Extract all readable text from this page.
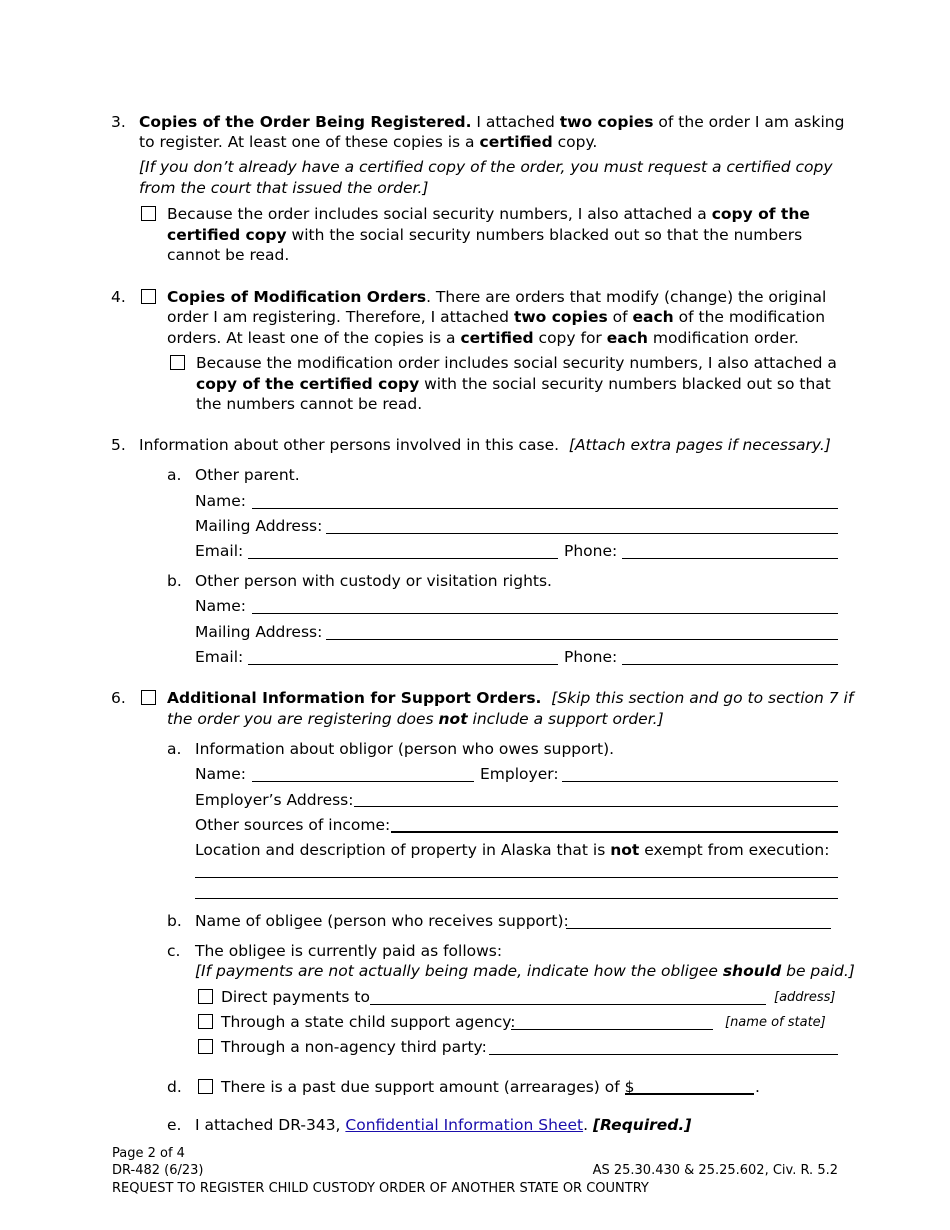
3. Copies of the Order Being Registered. I attached two copies of the order I am asking
to register. At least one of these copies is a certified copy.
[If you don’t already have a certified copy of the order, you must request a certified copy
from the court that issued the order.]
Because the order includes social security numbers, I also attached a copy of the
certified copy with the social security numbers blacked out so that the numbers
cannot be read.
4.	Copies of Modification Orders. There are orders that modify (change) the original
order I am registering. Therefore, I attached two copies of each of the modification
orders. At least one of the copies is a certified copy for each modification order.
Because the modification order includes social security numbers, I also attached a
copy of the certified copy with the social security numbers blacked out so that
the numbers cannot be read.
5. Information about other persons involved in this case. [Attach extra pages if necessary.]
a. Other parent.
Name:
Mailing Address:
Email:	Phone:
b. Other person with custody or visitation rights.
Name:
Mailing Address:
Email:	Phone:
6.	Additional Information for Support Orders. [Skip this section and go to section 7 if
the order you are registering does not include a support order.]
a. Information about obligor (person who owes support).
Name:	Employer:
Employer’s Address:
Other sources of income:
Location and description of property in Alaska that is not exempt from execution:
b. Name of obligee (person who receives support):
c. The obligee is currently paid as follows:
[If payments are not actually being made, indicate how the obligee should be paid.]
Direct payments to	[address]
Through a state child support agency:	[name of state]
Through a non-agency third party:
d.	There is a past due support amount (arrearages) of $	.
e. I attached DR-343, Confidential Information Sheet. [Required.]
Page 2 of 4
DR-482 (6/23)
REQUEST TO REGISTER CHILD CUSTODY ORDER OF ANOTHER STATE OR COUNTRY
AS 25.30.430 & 25.25.602, Civ. R. 5.2
